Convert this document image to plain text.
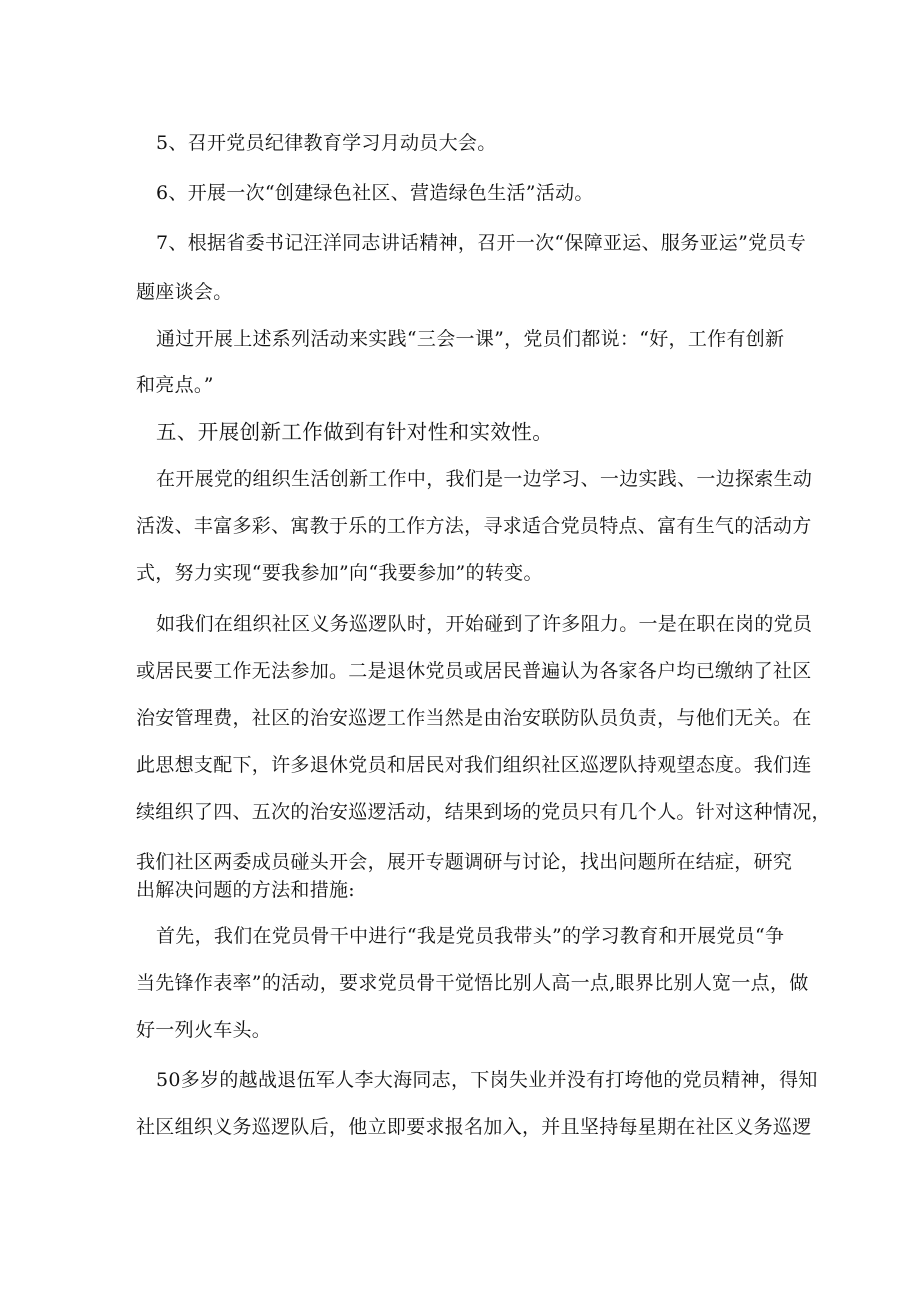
5、召开党员纪律教育学习月动员大会。
6、开展一次“创建绿色社区、营造绿色生活”活动。
7、根据省委书记汪洋同志讲话精神，召开一次“保障亚运、服务亚运”党员专
题座谈会。
通过开展上述系列活动来实践“三会一课”，党员们都说：“好，工作有创新
和亮点。”
五、开展创新工作做到有针对性和实效性。
在开展党的组织生活创新工作中，我们是一边学习、一边实践、一边探索生动
活泼、丰富多彩、寓教于乐的工作方法，寻求适合党员特点、富有生气的活动方
式，努力实现“要我参加”向“我要参加”的转变。
如我们在组织社区义务巡逻队时，开始碰到了许多阻力。一是在职在岗的党员
或居民要工作无法参加。二是退休党员或居民普遍认为各家各户均已缴纳了社区
治安管理费，社区的治安巡逻工作当然是由治安联防队员负责，与他们无关。在
此思想支配下，许多退休党员和居民对我们组织社区巡逻队持观望态度。我们连
续组织了四、五次的治安巡逻活动，结果到场的党员只有几个人。针对这种情况，
我们社区两委成员碰头开会，展开专题调研与讨论，找出问题所在结症，研究
出解决问题的方法和措施:
首先，我们在党员骨干中进行“我是党员我带头”的学习教育和开展党员“争
当先锋作表率”的活动，要求党员骨干觉悟比别人高一点,眼界比别人宽一点，做
好一列火车头。
50多岁的越战退伍军人李大海同志，下岗失业并没有打垮他的党员精神，得知
社区组织义务巡逻队后，他立即要求报名加入，并且坚持每星期在社区义务巡逻
